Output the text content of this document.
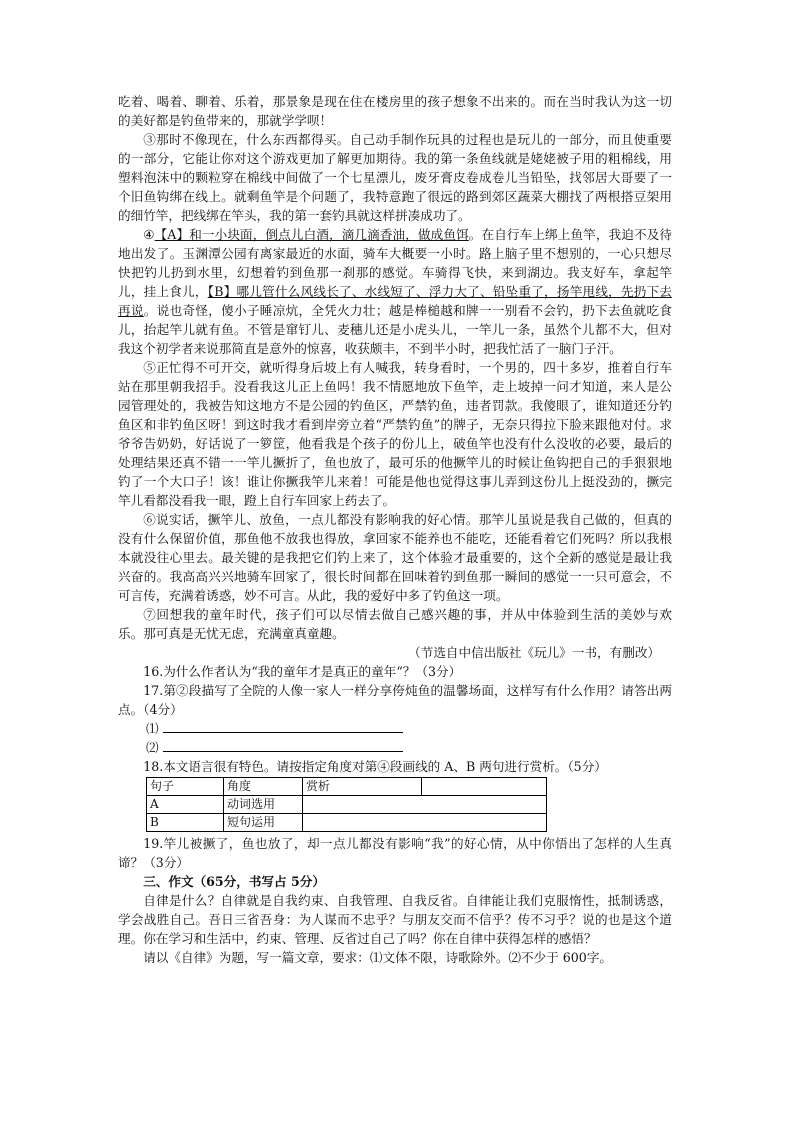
吃着、喝着、聊着、乐着，那景象是现在住在楼房里的孩子想象不出来的。而在当时我认为这一切的美好都是钓鱼带来的，那就学学呗！

③那时不像现在，什么东西都得买。自己动手制作玩具的过程也是玩儿的一部分，而且使重要的一部分，它能让你对这个游戏更加了解更加期待。我的第一条鱼线就是姥姥被子用的粗棉线，用塑料泡沫中的颗粒穿在棉线中间做了一个七星漂儿，废牙膏皮卷成卷儿当铅坠，找邻居大哥要了一个旧鱼钩绑在线上。就剩鱼竿是个问题了，我特意跑了很远的路到郊区蔬菜大棚找了两根搭豆架用的细竹竿，把线绑在竿头，我的第一套钓具就这样拼凑成功了。

④【A】和一小块面，倒点儿白酒，滴几滴香油，做成鱼饵。在自行车上绑上鱼竿，我迫不及待地出发了。玉渊潭公园有离家最近的水面，骑车大概要一小时。路上脑子里不想别的，一心只想尽快把钓儿扔到水里，幻想着钓到鱼那一刹那的感觉。车骑得飞快，来到湖边。我支好车，拿起竿儿，挂上食儿，【B】哪儿管什么风线长了、水线短了、浮力大了、铅坠重了，扬竿甩线，先扔下去再说。说也奇怪，傻小子睡凉炕，全凭火力壮；越是棒槌越和牌一一别看不会钓，扔下去鱼就吃食儿，抬起竿儿就有鱼。不管是窜钉儿、麦穗儿还是小虎头儿，一竿儿一条，虽然个儿都不大，但对我这个初学者来说那简直是意外的惊喜，收获颇丰，不到半小时，把我忙活了一脑门子汗。

⑤正忙得不可开交，就听得身后坡上有人喊我，转身看时，一个男的，四十多岁，推着自行车站在那里朝我招手。没看我这儿正上鱼吗！我不情愿地放下鱼竿，走上坡掉一问才知道，来人是公园管理处的，我被告知这地方不是公园的钓鱼区，严禁钓鱼，违者罚款。我傻眼了，谁知道还分钓鱼区和非钓鱼区呀！到这时我才看到岸旁立着“严禁钓鱼”的牌子，无奈只得拉下脸来跟他对付。求爷爷告奶奶，好话说了一箩筐，他看我是个孩子的份儿上，破鱼竿也没有什么没收的必要，最后的处理结果还真不错一一竿儿撅折了，鱼也放了，最可乐的他撅竿儿的时候让鱼钩把自己的手狠狠地钓了一个大口子！该！谁让你撅我竿儿来着！可能是他也觉得这事儿弄到这份儿上挺没劲的，撅完竿儿看都没看我一眼，蹬上自行车回家上药去了。

⑥说实话，撅竿儿、放鱼，一点儿都没有影响我的好心情。那竿儿虽说是我自己做的，但真的没有什么保留价值，那鱼他不放我也得放，拿回家不能养也不能吃，还能看着它们死吗？所以我根本就没往心里去。最关键的是我把它们钓上来了，这个体验才最重要的，这个全新的感觉是最让我兴奋的。我高高兴兴地骑车回家了，很长时间都在回味着钓到鱼那一瞬间的感觉一一只可意会，不可言传，充满着诱惑，妙不可言。从此，我的爱好中多了钓鱼这一项。

⑦回想我的童年时代，孩子们可以尽情去做自己感兴趣的事，并从中体验到生活的美妙与欢乐。那可真是无忧无虑，充满童真童趣。

（节选自中信出版社《玩儿》一书，有删改）

16.为什么作者认为“我的童年才是真正的童年“？（3分）

17.第②段描写了全院的人像一家人一样分享侉炖鱼的温馨场面，这样写有什么作用？请答出两点。（4分）

⑴

⑵

18.本文语言很有特色。请按指定角度对第④段画线的 A、B 两句进行赏析。（5分）

句子	角度	赏析	
A	动词选用		
B	短句运用		

19.竿儿被撅了，鱼也放了，却一点儿都没有影响“我”的好心情，从中你悟出了怎样的人生真谛？（3分）

三、作文（65分，书写占 5分）

自律是什么？自律就是自我约束、自我管理、自我反省。自律能让我们克服惰性，抵制诱惑，学会战胜自己。吾日三省吾身：为人谋而不忠乎？与朋友交而不信乎？传不习乎？说的也是这个道理。你在学习和生活中，约束、管理、反省过自己了吗？你在自律中获得怎样的感悟？

请以《自律》为题，写一篇文章，要求：⑴文体不限，诗歌除外。⑵不少于 600字。
